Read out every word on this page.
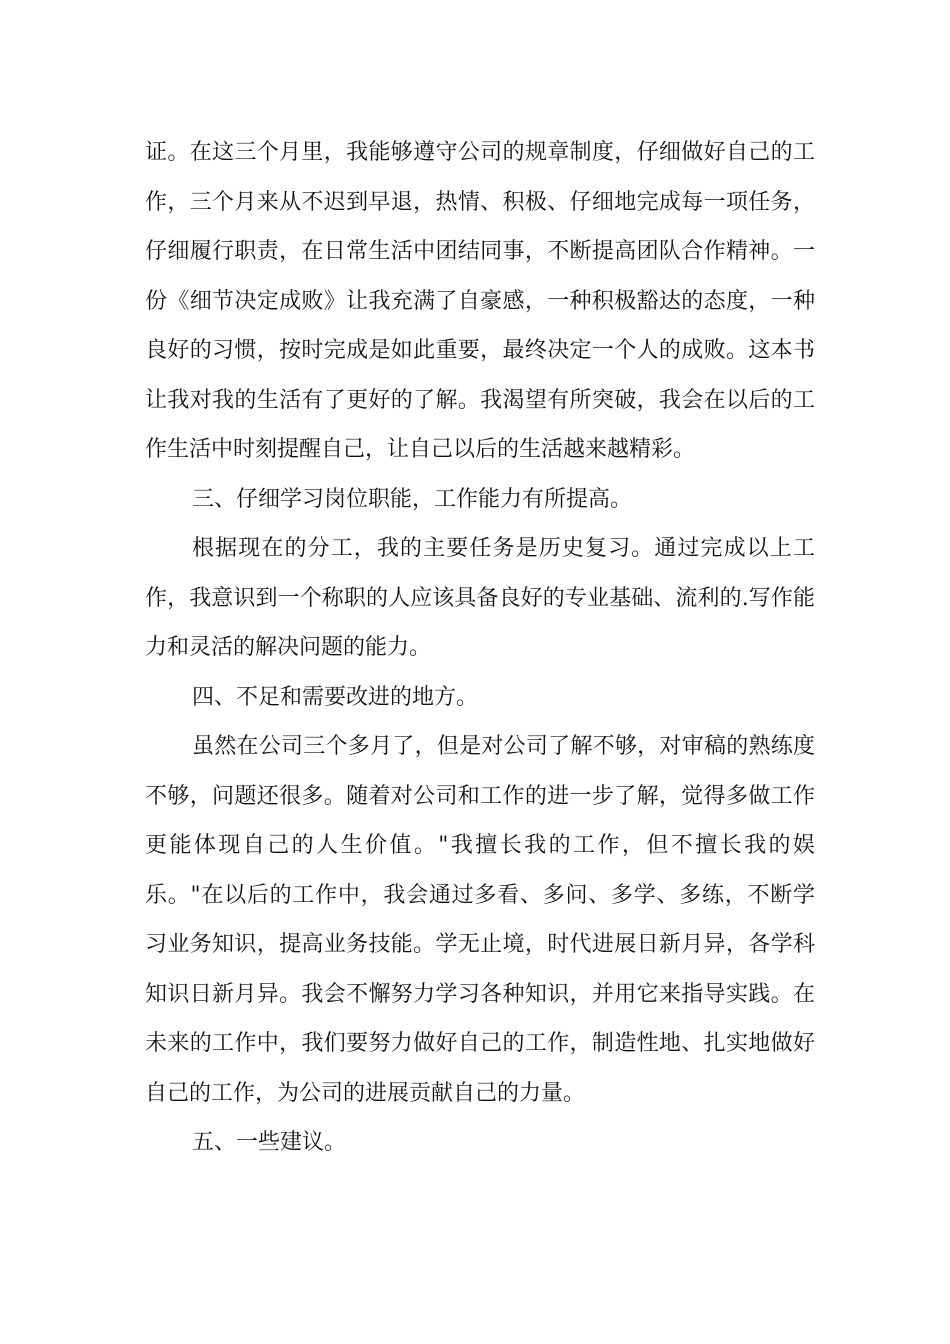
证。在这三个月里，我能够遵守公司的规章制度，仔细做好自己的工作，三个月来从不迟到早退，热情、积极、仔细地完成每一项任务，仔细履行职责，在日常生活中团结同事，不断提高团队合作精神。一份《细节决定成败》让我充满了自豪感，一种积极豁达的态度，一种良好的习惯，按时完成是如此重要，最终决定一个人的成败。这本书让我对我的生活有了更好的了解。我渴望有所突破，我会在以后的工作生活中时刻提醒自己，让自己以后的生活越来越精彩。

三、仔细学习岗位职能，工作能力有所提高。

根据现在的分工，我的主要任务是历史复习。通过完成以上工作，我意识到一个称职的人应该具备良好的专业基础、流利的.写作能力和灵活的解决问题的能力。

四、不足和需要改进的地方。

虽然在公司三个多月了，但是对公司了解不够，对审稿的熟练度不够，问题还很多。随着对公司和工作的进一步了解，觉得多做工作更能体现自己的人生价值。"我擅长我的工作，但不擅长我的娱乐。"在以后的工作中，我会通过多看、多问、多学、多练，不断学习业务知识，提高业务技能。学无止境，时代进展日新月异，各学科知识日新月异。我会不懈努力学习各种知识，并用它来指导实践。在未来的工作中，我们要努力做好自己的工作，制造性地、扎实地做好自己的工作，为公司的进展贡献自己的力量。

五、一些建议。
